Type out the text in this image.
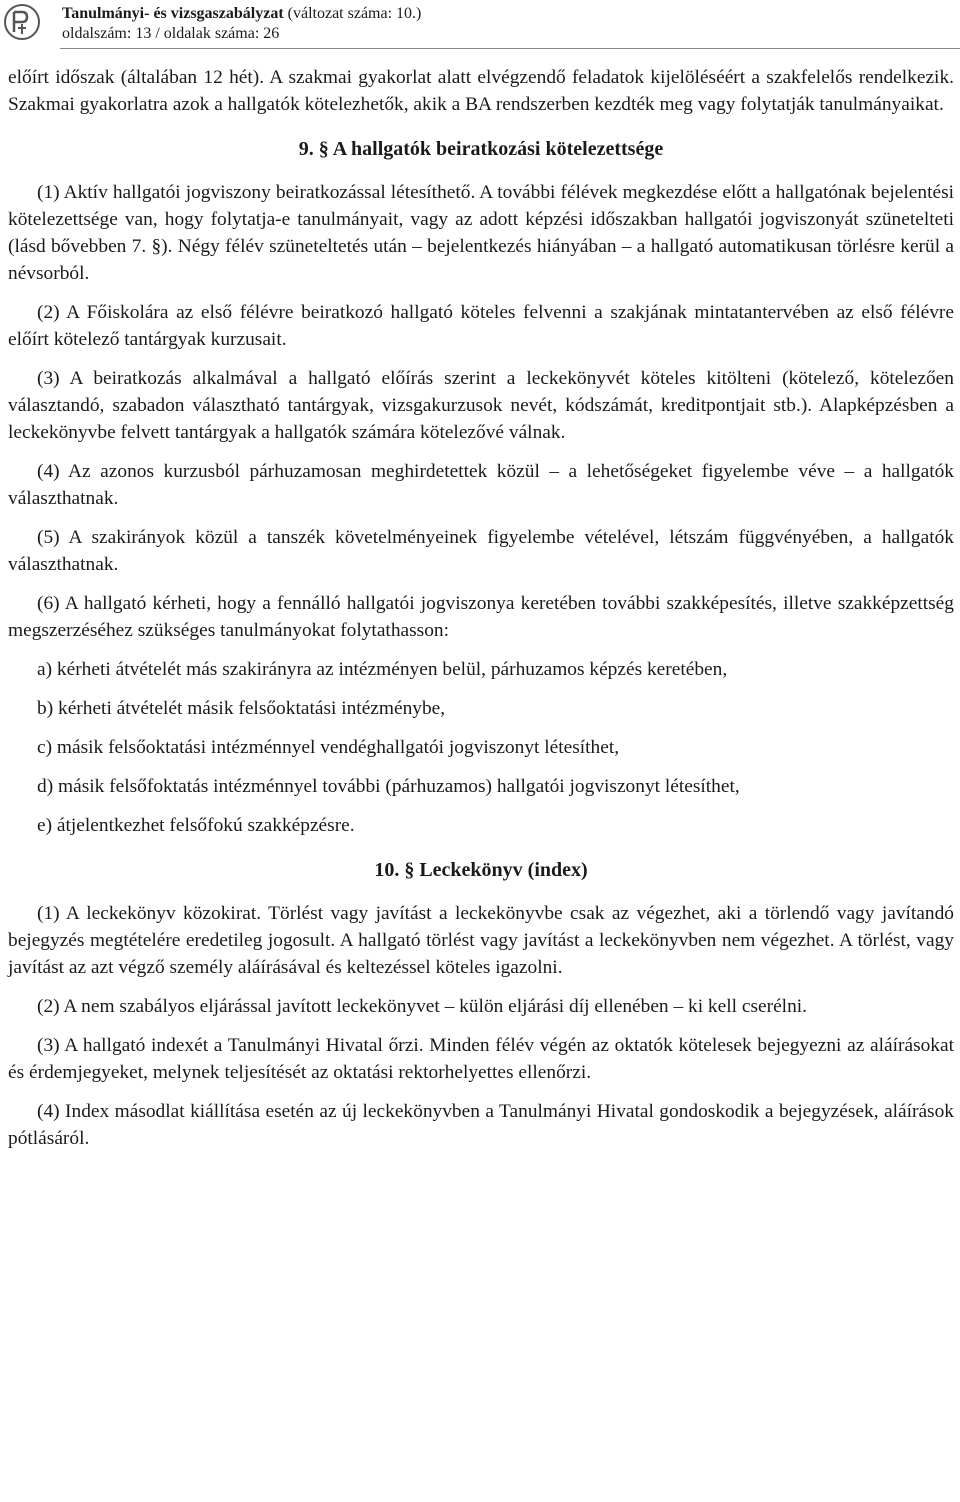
Tanulmányi- és vizsgaszabályzat (változat száma: 10.)
oldalszám: 13 / oldalak száma: 26

előírt időszak (általában 12 hét). A szakmai gyakorlat alatt elvégzendő feladatok kijelöléséért a szakfelelős rendelkezik. Szakmai gyakorlatra azok a hallgatók kötelezhetők, akik a BA rendszerben kezdték meg vagy folytatják tanulmányaikat.

9. § A hallgatók beiratkozási kötelezettsége

(1) Aktív hallgatói jogviszony beiratkozással létesíthető. A további félévek megkezdése előtt a hallgatónak bejelentési kötelezettsége van, hogy folytatja-e tanulmányait, vagy az adott képzési időszakban hallgatói jogviszonyát szünetelteti (lásd bővebben 7. §). Négy félév szüneteltetés után – bejelentkezés hiányában – a hallgató automatikusan törlésre kerül a névsorból.

(2) A Főiskolára az első félévre beiratkozó hallgató köteles felvenni a szakjának mintatantervében az első félévre előírt kötelező tantárgyak kurzusait.

(3) A beiratkozás alkalmával a hallgató előírás szerint a leckekönyvét köteles kitölteni (kötelező, kötelezően választandó, szabadon választható tantárgyak, vizsgakurzusok nevét, kódszámát, kreditpontjait stb.). Alapképzésben a leckekönyvbe felvett tantárgyak a hallgatók számára kötelezővé válnak.

(4) Az azonos kurzusból párhuzamosan meghirdetettek közül – a lehetőségeket figyelembe véve – a hallgatók választhatnak.

(5) A szakirányok közül a tanszék követelményeinek figyelembe vételével, létszám függvényében, a hallgatók választhatnak.

(6) A hallgató kérheti, hogy a fennálló hallgatói jogviszonya keretében további szakképesítés, illetve szakképzettség megszerzéséhez szükséges tanulmányokat folytathasson:

a) kérheti átvételét más szakirányra az intézményen belül, párhuzamos képzés keretében,

b) kérheti átvételét másik felsőoktatási intézménybe,

c) másik felsőoktatási intézménnyel vendéghallgatói jogviszonyt létesíthet,

d) másik felsőfoktatás intézménnyel további (párhuzamos) hallgatói jogviszonyt létesíthet,

e) átjelentkezhet felsőfokú szakképzésre.

10. § Leckekönyv (index)

(1) A leckekönyv közokirat. Törlést vagy javítást a leckekönyvbe csak az végezhet, aki a törlendő vagy javítandó bejegyzés megtételére eredetileg jogosult. A hallgató törlést vagy javítást a leckekönyvben nem végezhet. A törlést, vagy javítást az azt végző személy aláírásával és keltezéssel köteles igazolni.

(2) A nem szabályos eljárással javított leckekönyvet – külön eljárási díj ellenében – ki kell cserélni.

(3) A hallgató indexét a Tanulmányi Hivatal őrzi. Minden félév végén az oktatók kötelesek bejegyezni az aláírásokat és érdemjegyeket, melynek teljesítését az oktatási rektorhelyettes ellenőrzi.

(4) Index másodlat kiállítása esetén az új leckekönyvben a Tanulmányi Hivatal gondoskodik a bejegyzések, aláírások pótlásáról.
